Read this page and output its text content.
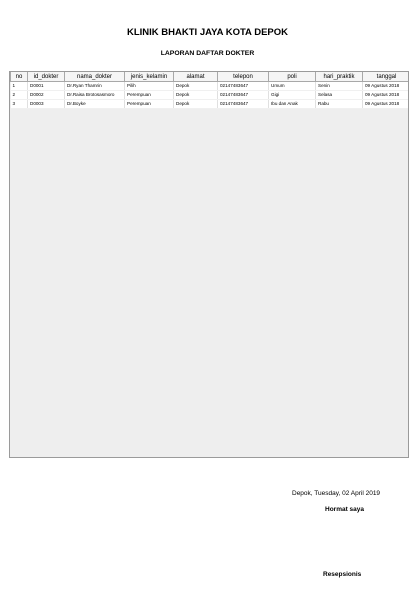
KLINIK BHAKTI JAYA KOTA DEPOK
LAPORAN DAFTAR DOKTER
no	id_dokter	nama_dokter	jenis_kelamin	alamat	telepon	poli	hari_praktik	tanggal
1	D0001	Dr.Ryan Thamrin	Pilih	Depok	02147483647	Umum	Senin	09 Agustus 2018
2	D0002	Dr.Raisa Brotosasmoro	Perempuan	Depok	02147483647	Gigi	Selasa	09 Agustus 2018
3	D0003	Dr.Boyke	Perempuan	Depok	02147483647	Ibu dan Anak	Rabu	09 Agustus 2018
Depok, Tuesday, 02 April 2019
Hormat saya
Resepsionis
